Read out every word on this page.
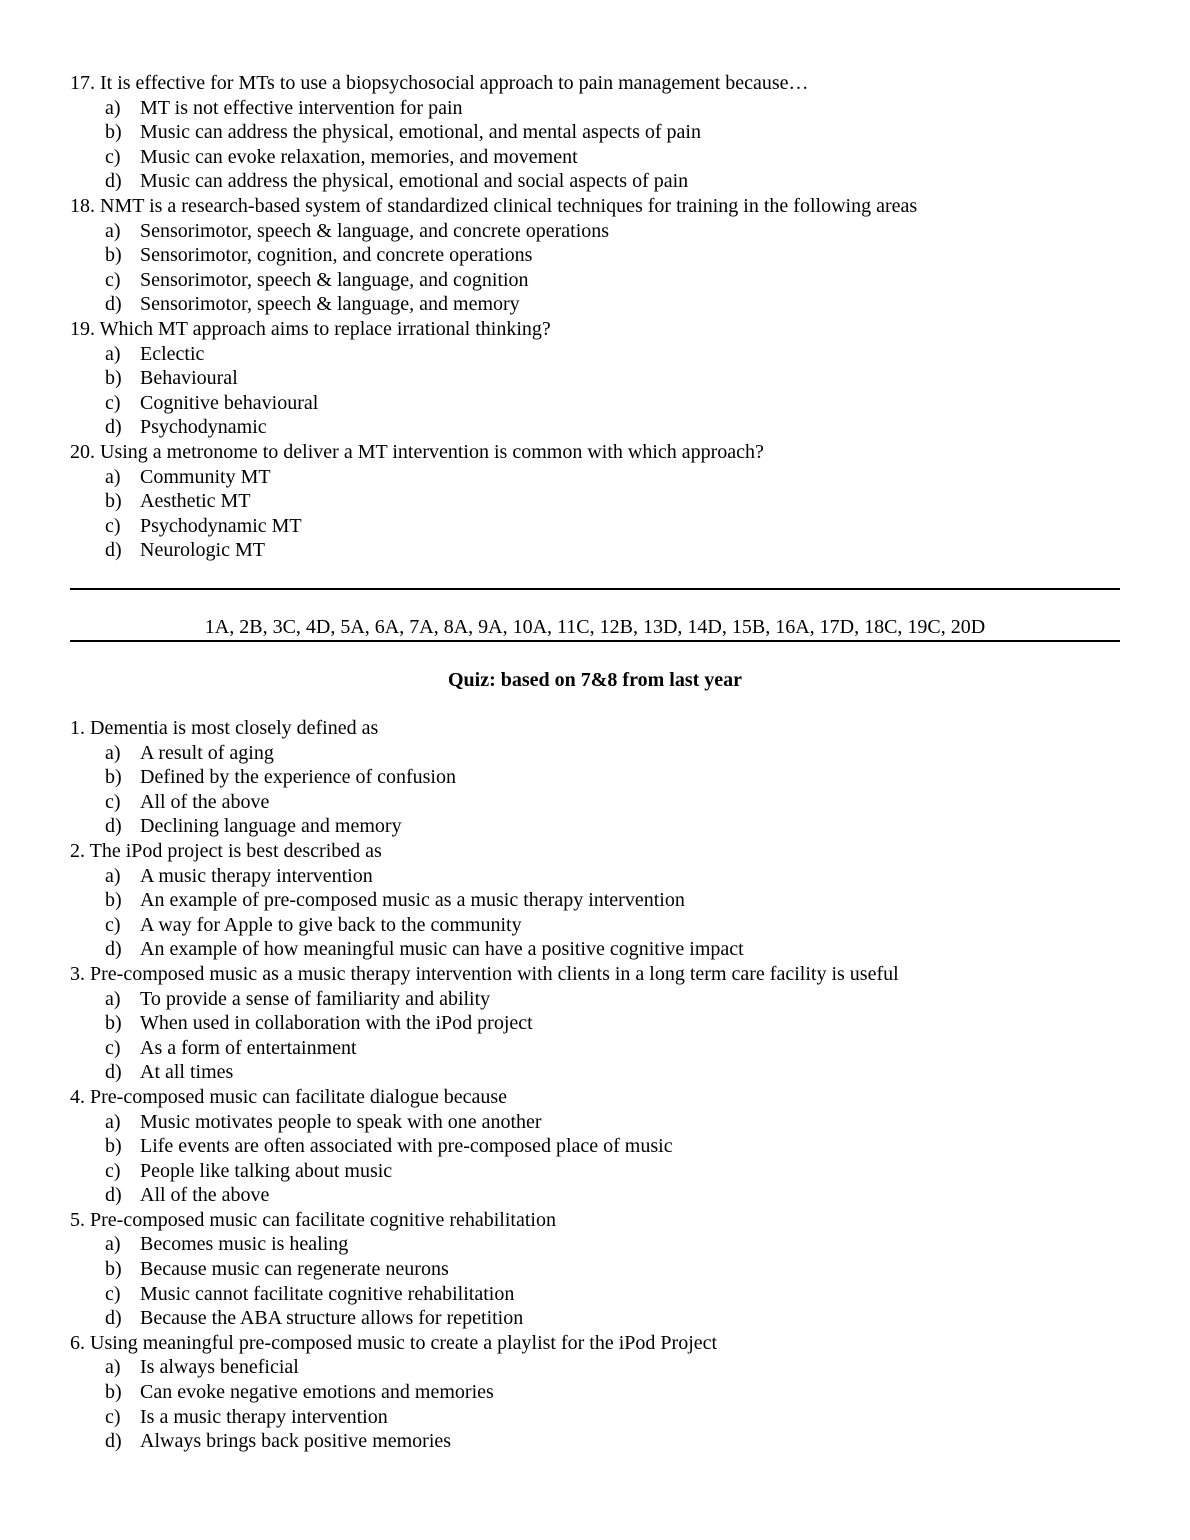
17. It is effective for MTs to use a biopsychosocial approach to pain management because…
a) MT is not effective intervention for pain
b) Music can address the physical, emotional, and mental aspects of pain
c) Music can evoke relaxation, memories, and movement
d) Music can address the physical, emotional and social aspects of pain
18. NMT is a research-based system of standardized clinical techniques for training in the following areas
a) Sensorimotor, speech & language, and concrete operations
b) Sensorimotor, cognition, and concrete operations
c) Sensorimotor, speech & language, and cognition
d) Sensorimotor, speech & language, and memory
19. Which MT approach aims to replace irrational thinking?
a) Eclectic
b) Behavioural
c) Cognitive behavioural
d) Psychodynamic
20. Using a metronome to deliver a MT intervention is common with which approach?
a) Community MT
b) Aesthetic MT
c) Psychodynamic MT
d) Neurologic MT
1A, 2B, 3C, 4D, 5A, 6A, 7A, 8A, 9A, 10A, 11C, 12B, 13D, 14D, 15B, 16A, 17D, 18C, 19C, 20D
Quiz: based on 7&8 from last year
1. Dementia is most closely defined as
a) A result of aging
b) Defined by the experience of confusion
c) All of the above
d) Declining language and memory
2. The iPod project is best described as
a) A music therapy intervention
b) An example of pre-composed music as a music therapy intervention
c) A way for Apple to give back to the community
d) An example of how meaningful music can have a positive cognitive impact
3. Pre-composed music as a music therapy intervention with clients in a long term care facility is useful
a) To provide a sense of familiarity and ability
b) When used in collaboration with the iPod project
c) As a form of entertainment
d) At all times
4. Pre-composed music can facilitate dialogue because
a) Music motivates people to speak with one another
b) Life events are often associated with pre-composed place of music
c) People like talking about music
d) All of the above
5. Pre-composed music can facilitate cognitive rehabilitation
a) Becomes music is healing
b) Because music can regenerate neurons
c) Music cannot facilitate cognitive rehabilitation
d) Because the ABA structure allows for repetition
6. Using meaningful pre-composed music to create a playlist for the iPod Project
a) Is always beneficial
b) Can evoke negative emotions and memories
c) Is a music therapy intervention
d) Always brings back positive memories
